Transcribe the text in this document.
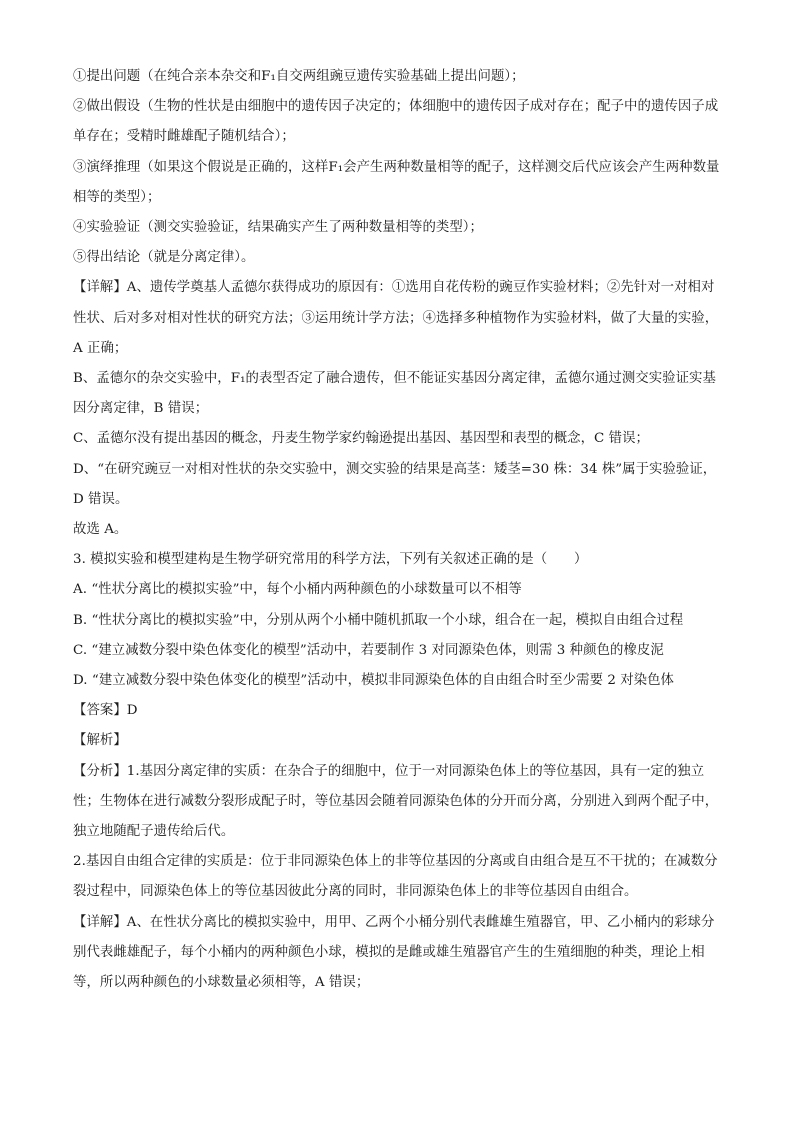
①提出问题（在纯合亲本杂交和F₁自交两组豌豆遗传实验基础上提出问题）；

②做出假设（生物的性状是由细胞中的遗传因子决定的；体细胞中的遗传因子成对存在；配子中的遗传因子成单存在；受精时雌雄配子随机结合）；

③演绎推理（如果这个假说是正确的，这样F₁会产生两种数量相等的配子，这样测交后代应该会产生两种数量相等的类型）；

④实验验证（测交实验验证，结果确实产生了两种数量相等的类型）；

⑤得出结论（就是分离定律）。

【详解】A、遗传学奠基人孟德尔获得成功的原因有：①选用自花传粉的豌豆作实验材料；②先针对一对相对性状、后对多对相对性状的研究方法；③运用统计学方法；④选择多种植物作为实验材料，做了大量的实验，A 正确；

B、孟德尔的杂交实验中，F₁的表型否定了融合遗传，但不能证实基因分离定律，孟德尔通过测交实验证实基因分离定律，B 错误；

C、孟德尔没有提出基因的概念，丹麦生物学家约翰逊提出基因、基因型和表型的概念，C 错误；

D、“在研究豌豆一对相对性状的杂交实验中，测交实验的结果是高茎：矮茎=30 株：34 株”属于实验验证，D 错误。

故选 A。

3. 模拟实验和模型建构是生物学研究常用的科学方法，下列有关叙述正确的是（　　）

A. “性状分离比的模拟实验”中，每个小桶内两种颜色的小球数量可以不相等

B. “性状分离比的模拟实验”中，分别从两个小桶中随机抓取一个小球，组合在一起，模拟自由组合过程

C. “建立减数分裂中染色体变化的模型”活动中，若要制作 3 对同源染色体，则需 3 种颜色的橡皮泥

D. “建立减数分裂中染色体变化的模型”活动中，模拟非同源染色体的自由组合时至少需要 2 对染色体

【答案】D

【解析】

【分析】1.基因分离定律的实质：在杂合子的细胞中，位于一对同源染色体上的等位基因，具有一定的独立性；生物体在进行减数分裂形成配子时，等位基因会随着同源染色体的分开而分离，分别进入到两个配子中，独立地随配子遗传给后代。

2.基因自由组合定律的实质是：位于非同源染色体上的非等位基因的分离或自由组合是互不干扰的；在减数分裂过程中，同源染色体上的等位基因彼此分离的同时，非同源染色体上的非等位基因自由组合。

【详解】A、在性状分离比的模拟实验中，用甲、乙两个小桶分别代表雌雄生殖器官，甲、乙小桶内的彩球分别代表雌雄配子，每个小桶内的两种颜色小球，模拟的是雌或雄生殖器官产生的生殖细胞的种类，理论上相等，所以两种颜色的小球数量必须相等，A 错误；
